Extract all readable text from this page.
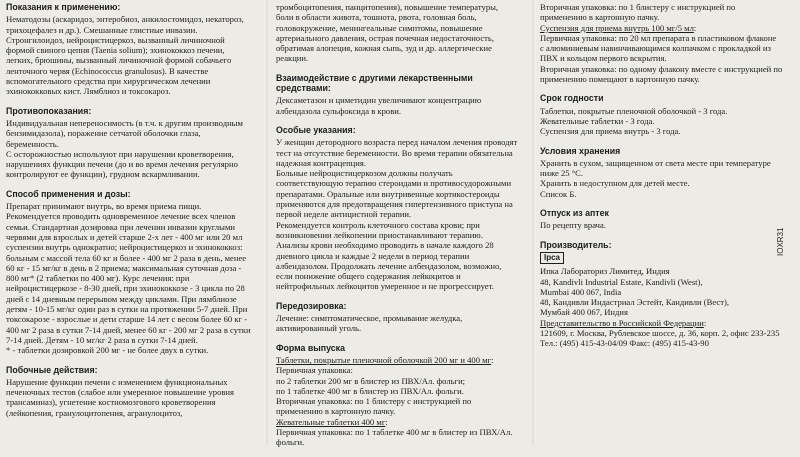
Показания к применению:
Нематодозы (аскаридоз, энтеробиоз, анкилостомидоз, некатороз,
трихоцефалез и др.). Смешанные глистные инвазии.
Стронгилоидоз, нейроцистицеркоз, вызванный личиночной
формой свиного цепня (Taenia solium); эхинококкоз печени,
легких, брюшины, вызванный личиночной формой собачьего
ленточного червя (Echinococcus granulosus). В качестве
вспомогательного средства при хирургическом лечении
эхинококковых кист. Лямблиоз и токсокароз.
Противопоказания:
Индивидуальная непереносимость (в т.ч. к другим производным
бензимидазола), поражение сетчатой оболочки глаза,
беременность.
С осторожностью используют при нарушении кроветворения,
нарушениях функции печени (до и во время лечения регулярно
контролируют ее функции), грудном вскармливании.
Способ применения и дозы:
Препарат принимают внутрь, во время приема пищи.
Рекомендуется проводить одновременное лечение всех членов
семьи. Стандартная дозировка при лечении инвазии круглыми
червями для взрослых и детей старше 2-х лет - 400 мг или 20 мл
суспензии внутрь однократно; нейроцистицеркоз и эхинококкоз:
больным с массой тела 60 кг и более - 400 мг 2 раза в день, менее
60 кг - 15 мг/кг в день в 2 приема; максимальная суточная доза -
800 мг* (2 таблетки по 400 мг). Курс лечения: при
нейроцистицеркозе - 8-30 дней, при эхинококкозе - 3 цикла по 28
дней с 14 дневным перерывом между циклами. При лямблиозе
детям - 10-15 мг/кг один раз в сутки на протяжении 5-7 дней. При
токсокарозе - взрослые и дети старше 14 лет с весом более 60 кг -
400 мг 2 раза в сутки 7-14 дней, менее 60 кг - 200 мг 2 раза в сутки
7-14 дней. Детям - 10 мг/кг 2 раза в сутки 7-14 дней.
* - таблетки дозировкой 200 мг - не более двух в сутки.
Побочные действия:
Нарушение функции печени с изменением функциональных
печеночных тестов (слабое или умеренное повышение уровня
трансаминаз), угнетение костномозгового кроветворения
(лейкопения, гранулоцитопения, агранулоцитоз,
тромбоцитопения, панцитопения), повышение температуры,
боли в области живота, тошнота, рвота, головная боль,
головокружение, менингеальные симптомы, повышение
артериального давления, острая почечная недостаточность,
обратимая алопеция, кожная сыпь, зуд и др. аллергические
реакции.
Взаимодействие с другими лекарственными средствами:
Дексаметазон и циметидин увеличивают концентрацию
албендазола сульфоксида в крови.
Особые указания:
У женщин детородного возраста перед началом лечения проводят
тест на отсутствие беременности. Во время терапии обязательна
надежная контрацепция.
Больные нейроцистицеркозом должны получать
соответствующую терапию стероидами и противосудорожными
препаратами. Оральные или внутривенные кортикостероиды
применяются для предотвращения гипертензивного приступа на
первой неделе антицистной терапии.
Рекомендуется контроль клеточного состава крови; при
возникновении лейкопении приостанавливают терапию.
Анализы крови необходимо проводить в начале каждого 28
дневного цикла и каждые 2 недели в период терапии
албендазолом. Продолжать лечение албендазолом, возможно,
если понижение общего содержания лейкоцитов и
нейтрофильных лейкоцитов умеренное и не прогрессирует.
Передозировка:
Лечение: симптоматическое, промывание желудка,
активированный уголь.
Форма выпуска
Таблетки, покрытые пленочной оболочкой 200 мг и 400 мг:
Первичная упаковка:
по 2 таблетки 200 мг в блистер из ПВХ/Ал. фольги;
по 1 таблетке 400 мг в блистер из ПВХ/Ал. фольги.
Вторичная упаковка: по 1 блистеру с инструкцией по
применению в картонную пачку.
Жевательные таблетки 400 мг:
Первичная упаковка: по 1 таблетке 400 мг в блистер из ПВХ/Ал.
фольги.
Вторичная упаковка: по 1 блистеру с инструкцией по
применению в картонную пачку.
Суспензия для приема внутрь 100 мг/5 мл:
Первичная упаковка: по 20 мл препарата в пластиковом флаконе
с алюминиевым навинчивающимся колпачком с прокладкой из
ПВХ и кольцом первого вскрытия.
Вторичная упаковка: по одному флакону вместе с инструкцией по
применению помещают в картонную пачку.
Срок годности
Таблетки, покрытые пленочной оболочкой - 3 года.
Жевательные таблетки - 3 года.
Суспензия для приема внутрь - 3 года.
Условия хранения
Хранить в сухом, защищенном от света месте при температуре
ниже 25 °C.
Хранить в недоступном для детей месте.
Список Б.
Отпуск из аптек
По рецепту врача.
Производитель:
Ipca
Ипка Лабораториз Лимитед, Индия
48, Kandivli Industrial Estate, Kandivli (West),
Mumbai 400 067, India
48, Кандивли Индастриал Эстейт, Кандивли (Вест),
Мумбай 400 067, Индия
Представительство в Российской Федерации:
121609, г. Москва, Рублевское шоссе, д. 36, корп. 2, офис 233-235
Тел.: (495) 415-43-04/09 Факс: (495) 415-43-90
IOXR31
